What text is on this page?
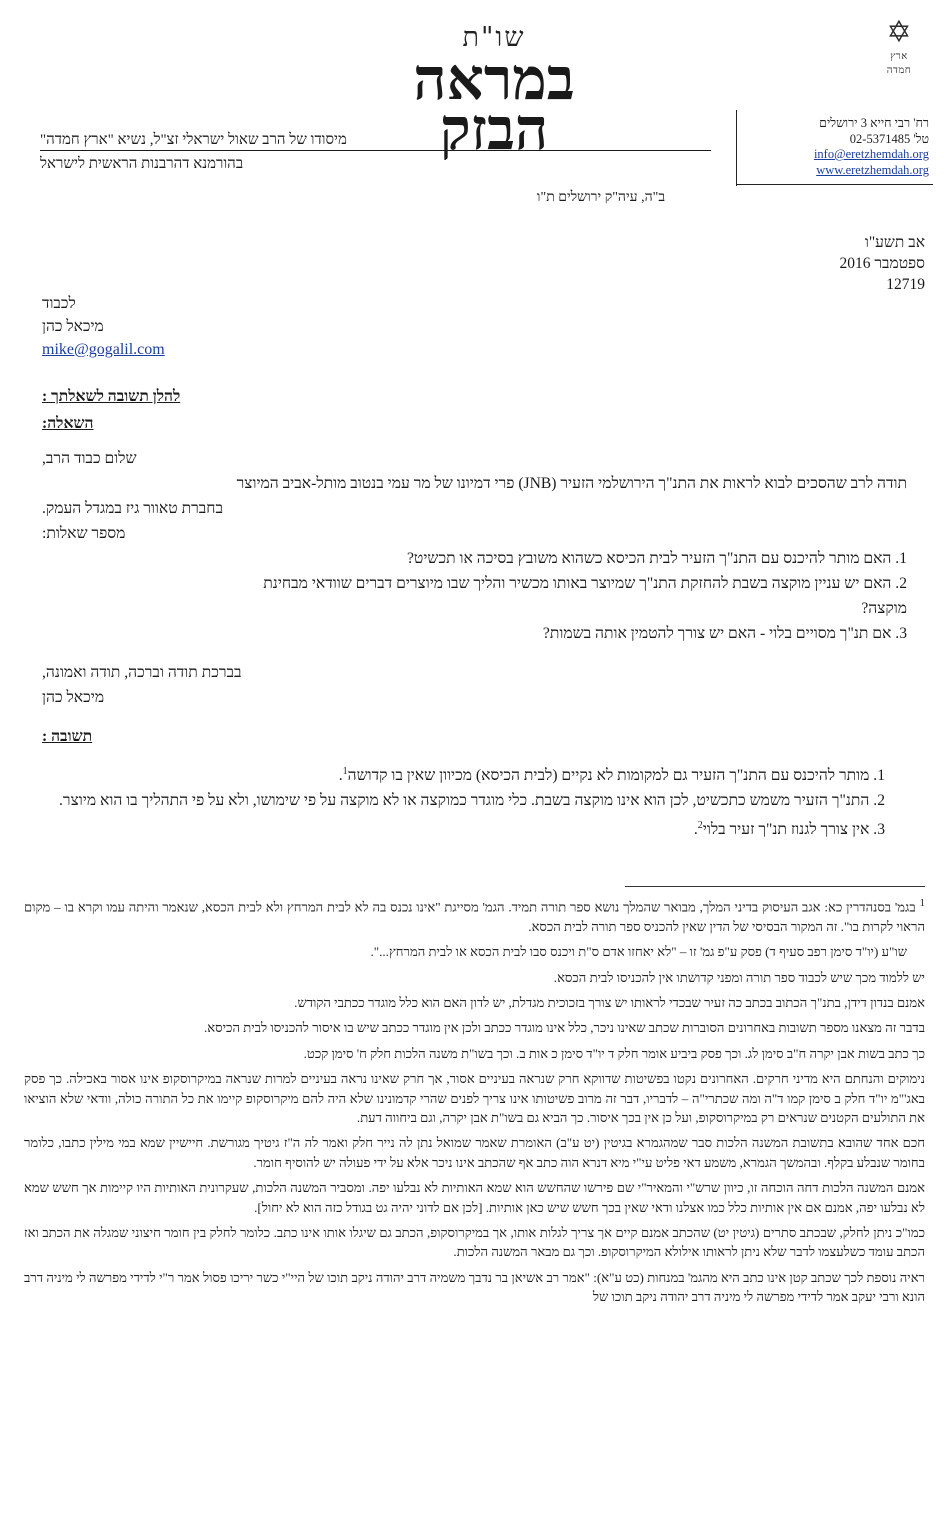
✡
ארץ
חמדה
רח' רבי חייא 3 ירושלים
טל' 02-5371485
info@eretzhemdah.org
www.eretzhemdah.org
שו"ת
במראה
הבזק
מיסודו של הרב שאול ישראלי זצ"ל, נשיא "ארץ חמדה"
בהורמנא דהרבנות הראשית לישראל
ב"ה, עיה"ק ירושלים ת"ו
אב תשע"ו
ספטמבר 2016
12719
לכבוד
מיכאל כהן
mike@gogalil.com
להלן תשובה לשאלתך :
השאלה:
שלום כבוד הרב,
תודה לרב שהסכים לבוא לראות את התנ"ך הירושלמי הזעיר (JNB) פרי דמיונו של מר עמי בנטוב מותל-אביב המיוצר
בחברת טאוור גיז במגדל העמק.
מספר שאלות:
1. האם מותר להיכנס עם התנ"ך הזעיר לבית הכיסא כשהוא משובץ בסיכה או תכשיט?
2. האם יש עניין מוקצה בשבת להחזקת התנ"ך שמיוצר באותו מכשיר והליך שבו מיוצרים דברים שוודאי מבחינת
מוקצה?
3. אם תנ"ך מסויים בלוי - האם יש צורך להטמין אותה בשמות?
בברכת תודה וברכה, תודה ואמונה,
מיכאל כהן
תשובה :
1. מותר להיכנס עם התנ"ך הזעיר גם למקומות לא נקיים (לבית הכיסא) מכיוון שאין בו קדושה$^1$.
2. התנ"ך הזעיר משמש כתכשיט, לכן הוא אינו מוקצה בשבת. כלי מוגדר כמוקצה או לא מוקצה על פי שימושו, ולא על פי התהליך בו הוא מיוצר.
3. אין צורך לגנוז תנ"ך זעיר בלוי$^2$.

$^1$ בגמ' בסנהדרין כא: אגב העיסוק בדיני המלך, מבואר שהמלך נושא ספר תורה תמיד. הגמ' מסייגת "אינו נכנס בה לא לבית המרחץ ולא לבית הכסא, שנאמר והיתה עמו וקרא בו – מקום הראוי לקרות בו". זה המקור הבסיסי של הדין שאין להכניס ספר תורה לבית הכסא.

שו"ע (יו"ד סימן רפב סעיף ד) פסק ע"פ גמ' זו – "לא יאחזו אדם ס"ת ויכנס סבו לבית הכסא או לבית המרחץ...".

יש ללמוד מכך שיש לכבוד ספר תורה ומפני קדושתו אין להכניסו לבית הכסא.

אמנם בנדון דידן, בתנ"ך הכתוב בכתב כה זעיר שבכדי לראותו יש צורך בזכוכית מגדלת, יש לדון האם הוא כלל מוגדר ככתבי הקודש.

בדבר זה מצאנו מספר תשובות באחרונים הסוברות שכתב שאינו ניכר, כלל אינו מוגדר ככתב ולכן אין מוגדר ככתב שיש בו איסור להכניסו לבית הכיסא.

כך כתב בשות אבן יקרה ח"ב סימן לג. וכך פסק ביביע אומר חלק ד יו"ד סימן כ אות ב. וכך בשו"ת משנה הלכות חלק ח' סימן קכט.

נימוקים והנחתם היא מדיני חרקים. האחרונים נקטו בפשיטות שדווקא חרק שנראה בעיניים אסור, אך חרק שאינו נראה בעיניים למרות שנראה במיקרוסקופ אינו אסור באכילה. כך פסק באג'"מ יו"ד חלק ב סימן קמו ד"ה ומה שכתרי"ה – לדבריו, דבר זה מרוב פשיטותו אינו צריך לפנים שהרי קדמונינו שלא היה להם מיקרוסקופ קיימו את כל התורה כולה, וודאי שלא הוציאו את התולעים הקטנים שנראים רק במיקרוסקופ, ועל כן אין בכך איסור. כך הביא גם בשו"ת אבן יקרה, וגם ביחווה דעת.

חכם אחד שהובא בתשובת המשנה הלכות סבר שמהגמרא בגיטין (יט ע"ב) האומרת שאמר שמואל נתן לה נייר חלק ואמר לה ה"ז גיטיך מגורשת. חיישיין שמא במי מילין כתבו, כלומר בחומר שנבלע בקלף. ובהמשך הגמרא, משמע דאי פליט עי"י מיא דנרא הוה כתב אף שהכתב אינו ניכר אלא על ידי פעולה יש להוסיף חומר.

אמנם המשנה הלכות דחה הוכחה זו, כיוון שרש"י והמאיר"י שם פירשו שהחשש הוא שמא האותיות לא נבלעו יפה. ומסביר המשנה הלכות, שעקרונית האותיות היו קיימות אך חשש שמא לא נבלעו יפה, אמנם אם אין אותיות כלל כמו אצלנו ודאי שאין בכך חשש שיש כאן אותיות. [לכן אם לדוני יהיה גט בגודל כזה הוא לא יחול].

כמו"כ ניתן לחלק, שבכתב סתרים (גיטין יט) שהכתב אמנם קיים אך צריך לגלות אותו, אך במיקרוסקופ, הכתב גם שיגלו אותו אינו כתב. כלומר לחלק בין חומר חיצוני שמגלה את הכתב ואז הכתב עומד כשלעצמו לדבר שלא ניתן לראותו אילולא המיקרוסקופ. וכך גם מבאר המשנה הלכות.

ראיה נוספת לכך שכתב קטן אינו כתב היא מהגמ' במנחות (כט ע"א): "אמר רב אשיאן בר נדבך משמיה דרב יהודה ניקב תוכו של היי"י כשר יריכו פסול אמר ר"י לדידי מפרשה לי מיניה דרב הונא ורבי יעקב אמר לדידי מפרשה לי מיניה דרב יהודה ניקב תוכו של
